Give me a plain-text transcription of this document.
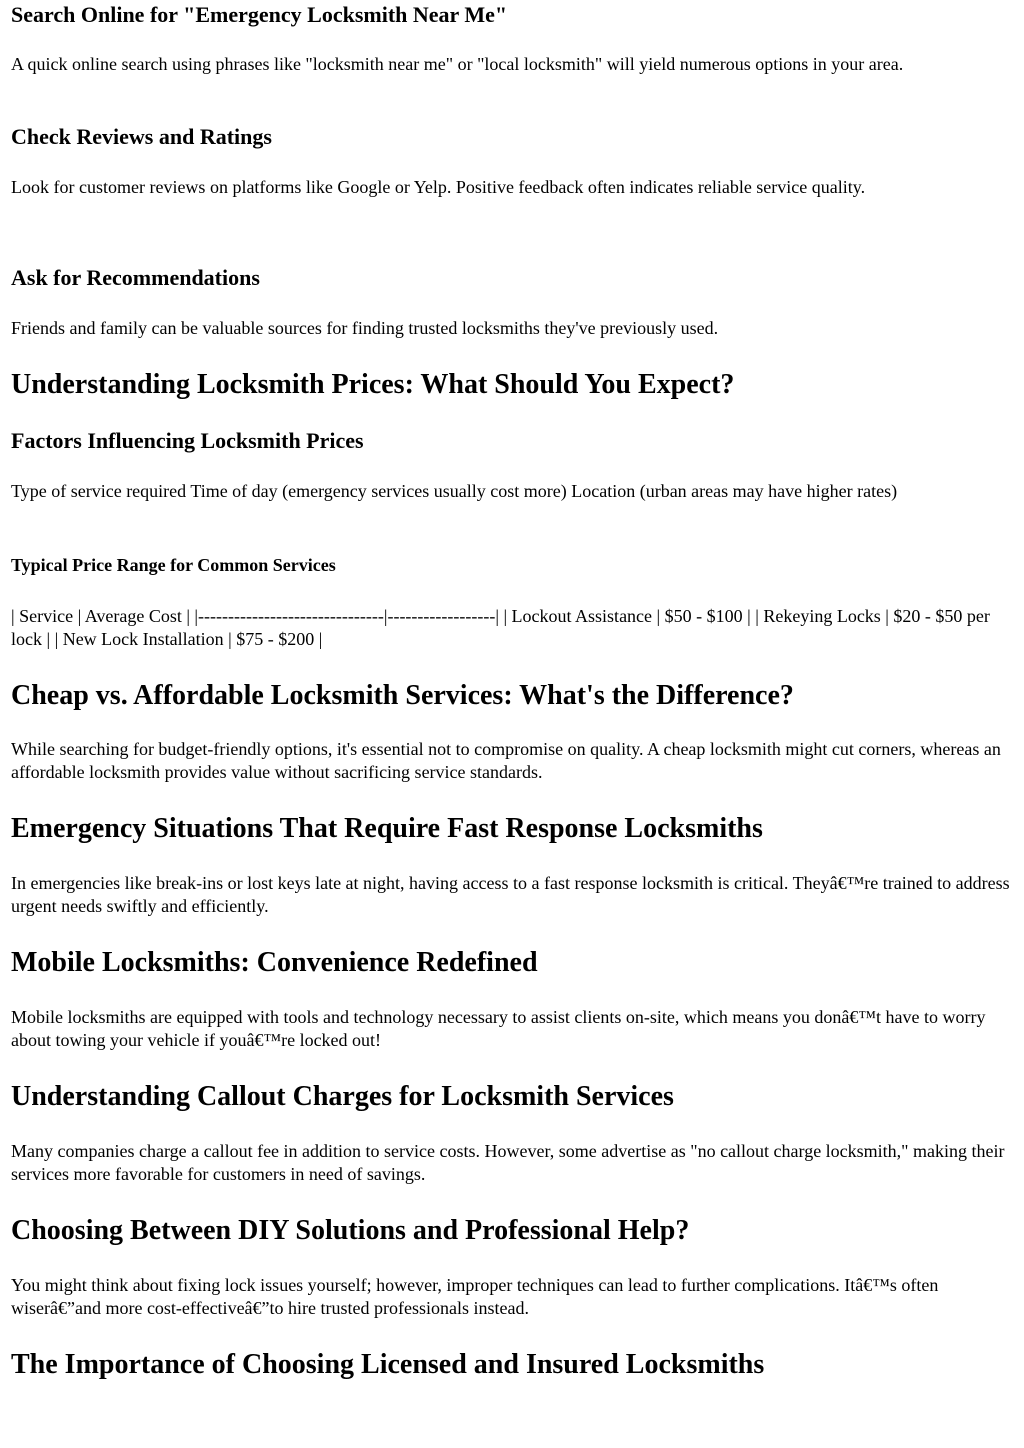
Search Online for "Emergency Locksmith Near Me"

A quick online search using phrases like "locksmith near me" or "local locksmith" will yield numerous options in your area.

Check Reviews and Ratings

Look for customer reviews on platforms like Google or Yelp. Positive feedback often indicates reliable service quality.

Ask for Recommendations

Friends and family can be valuable sources for finding trusted locksmiths they've previously used.

Understanding Locksmith Prices: What Should You Expect?
Factors Influencing Locksmith Prices

Type of service required Time of day (emergency services usually cost more) Location (urban areas may have higher rates)

Typical Price Range for Common Services

| Service | Average Cost | |-------------------------------|------------------| | Lockout Assistance | $50 - $100 | | Rekeying Locks | $20 - $50 per lock | | New Lock Installation | $75 - $200 |

Cheap vs. Affordable Locksmith Services: What's the Difference?

While searching for budget-friendly options, it's essential not to compromise on quality. A cheap locksmith might cut corners, whereas an affordable locksmith provides value without sacrificing service standards.

Emergency Situations That Require Fast Response Locksmiths

In emergencies like break-ins or lost keys late at night, having access to a fast response locksmith is critical. Theyâ€™re trained to address urgent needs swiftly and efficiently.

Mobile Locksmiths: Convenience Redefined

Mobile locksmiths are equipped with tools and technology necessary to assist clients on-site, which means you donâ€™t have to worry about towing your vehicle if youâ€™re locked out!

Understanding Callout Charges for Locksmith Services

Many companies charge a callout fee in addition to service costs. However, some advertise as "no callout charge locksmith," making their services more favorable for customers in need of savings.

Choosing Between DIY Solutions and Professional Help?

You might think about fixing lock issues yourself; however, improper techniques can lead to further complications. Itâ€™s often wiserâ€”and more cost-effectiveâ€”to hire trusted professionals instead.

The Importance of Choosing Licensed and Insured Locksmiths
